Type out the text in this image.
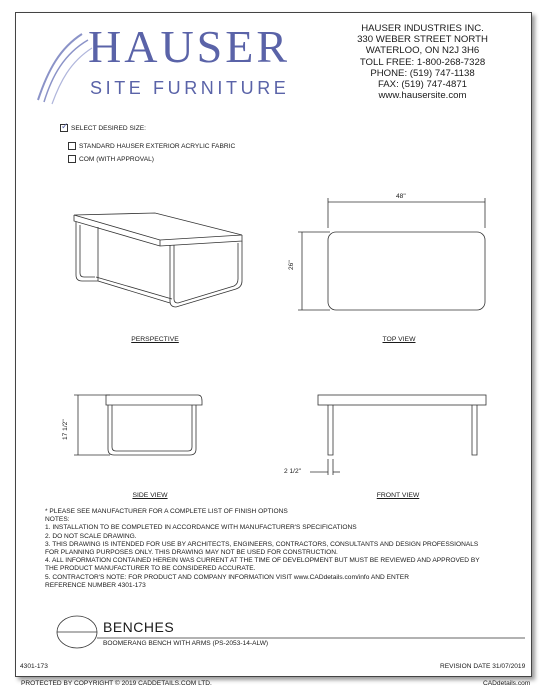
HAUSER
SITE FURNITURE
HAUSER INDUSTRIES INC.
330 WEBER STREET NORTH
WATERLOO, ON N2J 3H6
TOLL FREE: 1-800-268-7328
PHONE: (519) 747-1138
FAX: (519) 747-4871
www.hausersite.com
✓ SELECT DESIRED SIZE:
STANDARD HAUSER EXTERIOR ACRYLIC FABRIC
COM (WITH APPROVAL)
PERSPECTIVE
48"
26"
TOP VIEW
17 1/2"
SIDE VIEW
2 1/2"
FRONT VIEW
* PLEASE SEE MANUFACTURER FOR A COMPLETE LIST OF FINISH OPTIONS
NOTES:
1. INSTALLATION TO BE COMPLETED IN ACCORDANCE WITH MANUFACTURER'S SPECIFICATIONS
2. DO NOT SCALE DRAWING.
3. THIS DRAWING IS INTENDED FOR USE BY ARCHITECTS, ENGINEERS, CONTRACTORS, CONSULTANTS AND DESIGN PROFESSIONALS
FOR PLANNING PURPOSES ONLY. THIS DRAWING MAY NOT BE USED FOR CONSTRUCTION.
4. ALL INFORMATION CONTAINED HEREIN WAS CURRENT AT THE TIME OF DEVELOPMENT BUT MUST BE REVIEWED AND APPROVED BY
THE PRODUCT MANUFACTURER TO BE CONSIDERED ACCURATE.
5. CONTRACTOR'S NOTE: FOR PRODUCT AND COMPANY INFORMATION VISIT www.CADdetails.com/info AND ENTER
REFERENCE NUMBER 4301-173
BENCHES
BOOMERANG BENCH WITH ARMS (PS-2053-14-ALW)
4301-173	REVISION DATE 31/07/2019
PROTECTED BY COPYRIGHT © 2019 CADDETAILS.COM LTD.	CADdetails.com
